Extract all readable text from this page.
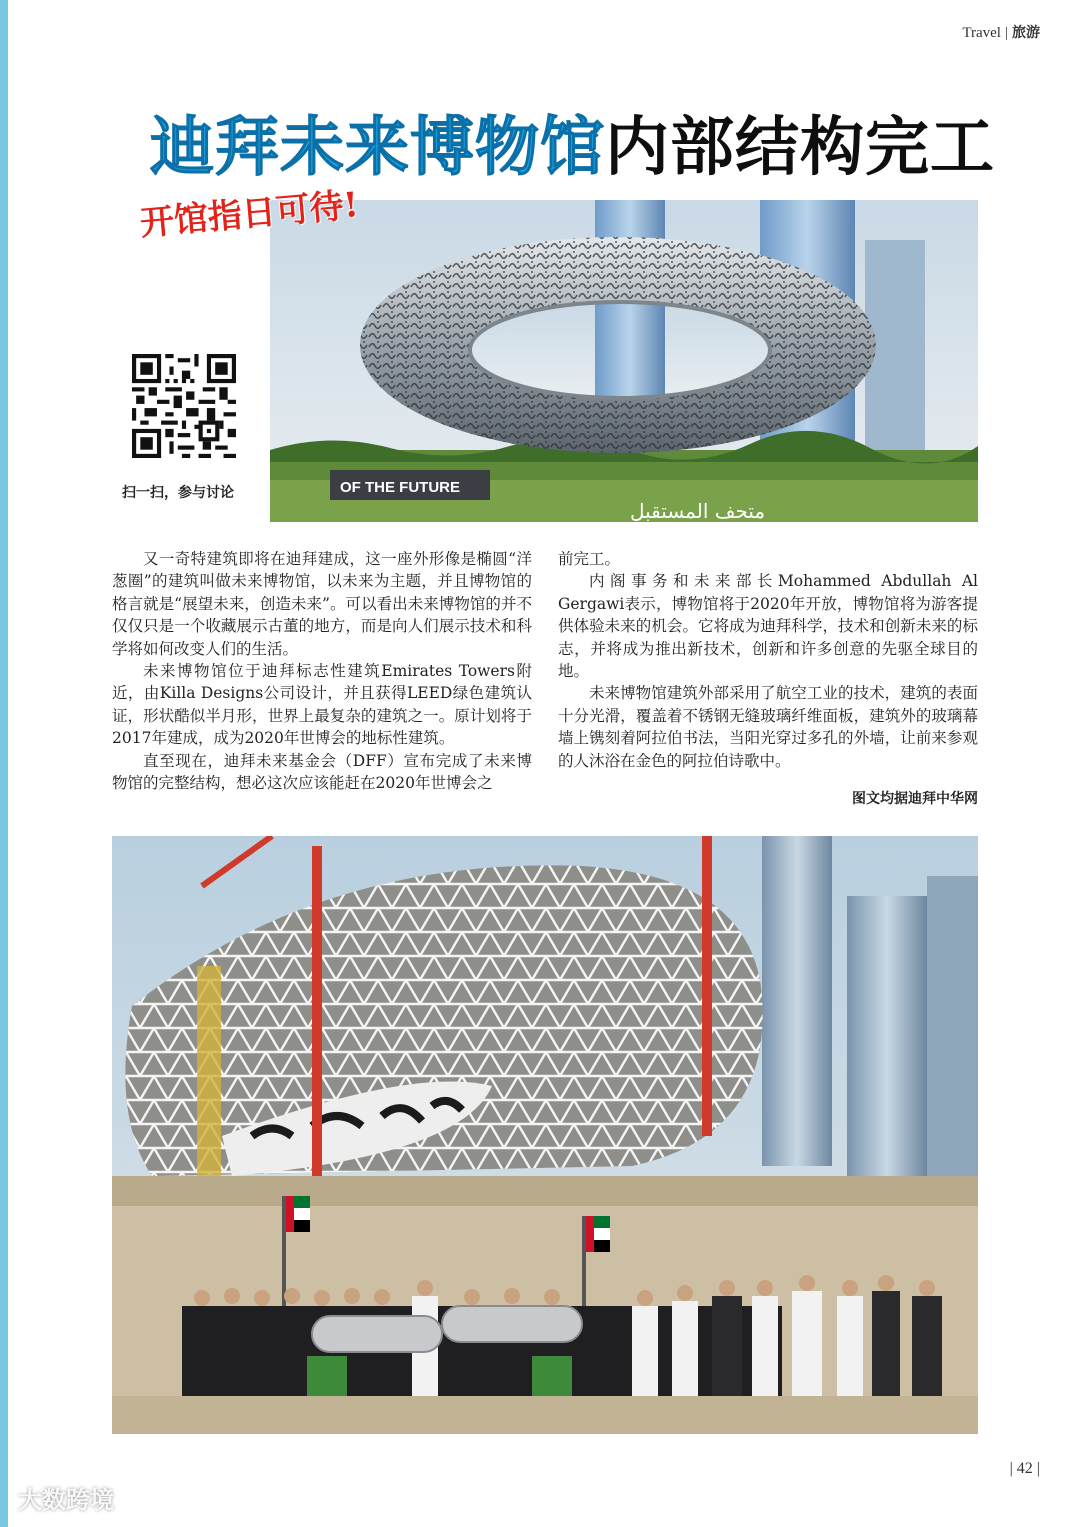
Travel | 旅游
迪拜未来博物馆内部结构完工
OF THE FUTURE
متحف المستقبل
开馆指日可待!
扫一扫，参与讨论

又一奇特建筑即将在迪拜建成，这一座外形像是椭圆“洋葱圈”的建筑叫做未来博物馆，以未来为主题，并且博物馆的格言就是“展望未来，创造未来”。可以看出未来博物馆的并不仅仅只是一个收藏展示古董的地方，而是向人们展示技术和科学将如何改变人们的生活。

未来博物馆位于迪拜标志性建筑Emirates Towers附近，由Killa Designs公司设计，并且获得LEED绿色建筑认证，形状酷似半月形，世界上最复杂的建筑之一。原计划将于2017年建成，成为2020年世博会的地标性建筑。

直至现在，迪拜未来基金会（DFF）宣布完成了未来博物馆的完整结构，想必这次应该能赶在2020年世博会之

前完工。

内阁事务和未来部长Mohammed Abdullah Al Gergawi表示，博物馆将于2020年开放，博物馆将为游客提供体验未来的机会。它将成为迪拜科学，技术和创新未来的标志，并将成为推出新技术，创新和许多创意的先驱全球目的地。

未来博物馆建筑外部采用了航空工业的技术，建筑的表面十分光滑，覆盖着不锈钢无缝玻璃纤维面板，建筑外的玻璃幕墙上镌刻着阿拉伯书法，当阳光穿过多孔的外墙，让前来参观的人沐浴在金色的阿拉伯诗歌中。

图文均据迪拜中华网
| 42 |
大数跨境
